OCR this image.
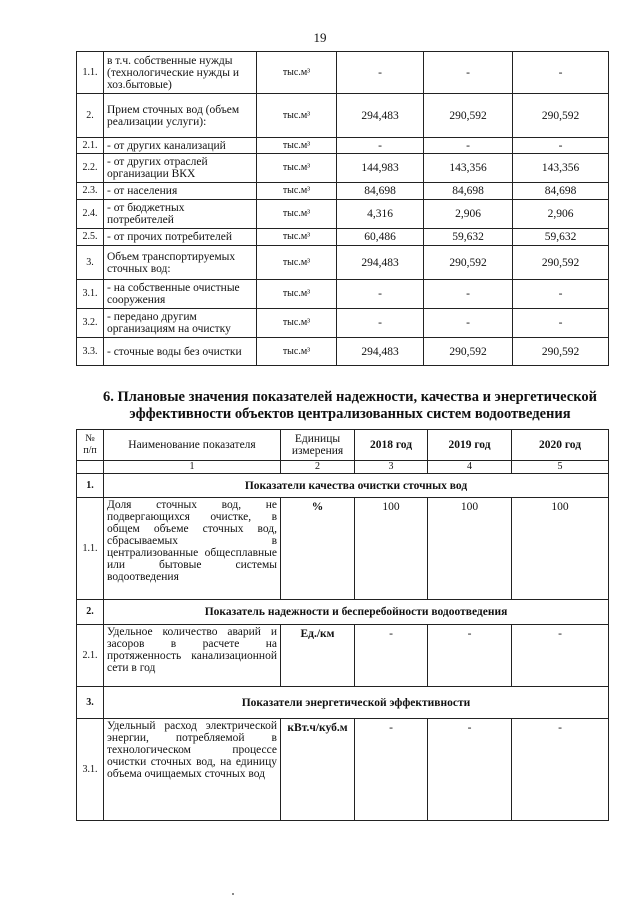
19
1.1.	в т.ч. собственные нужды (технологические нужды и хоз.бытовые)	тыс.м³	-	-	-
2.	Прием сточных вод (объем реализации услуги):	тыс.м³	294,483	290,592	290,592
2.1.	- от других канализаций	тыс.м³	-	-	-
2.2.	- от других отраслей организации ВКХ	тыс.м³	144,983	143,356	143,356
2.3.	- от населения	тыс.м³	84,698	84,698	84,698
2.4.	- от бюджетных потребителей	тыс.м³	4,316	2,906	2,906
2.5.	- от прочих потребителей	тыс.м³	60,486	59,632	59,632
3.	Объем транспортируемых сточных вод:	тыс.м³	294,483	290,592	290,592
3.1.	- на собственные очистные сооружения	тыс.м³	-	-	-
3.2.	- передано другим организациям на очистку	тыс.м³	-	-	-
3.3.	- сточные воды без очистки	тыс.м³	294,483	290,592	290,592
6. Плановые значения показателей надежности, качества и энергетической эффективности объектов централизованных систем водоотведения
№ п/п	Наименование показателя	Единицы измерения	2018 год	2019 год	2020 год
	1	2	3	4	5
1.	Показатели качества очистки сточных вод				
1.1.	Доля сточных вод, не подвергающихся очистке, в общем объеме сточных вод, сбрасываемых в централизованные общесплавные или бытовые системы водоотведения	%	100	100	100
2.	Показатель надежности и бесперебойности водоотведения				
2.1.	Удельное количество аварий и засоров в расчете на протяженность канализационной сети в год	Ед./км	-	-	-
3.	Показатели энергетической эффективности				
3.1.	Удельный расход электрической энергии, потребляемой в технологическом процессе очистки сточных вод, на единицу объема очищаемых сточных вод	кВт.ч/куб.м	-	-	-
